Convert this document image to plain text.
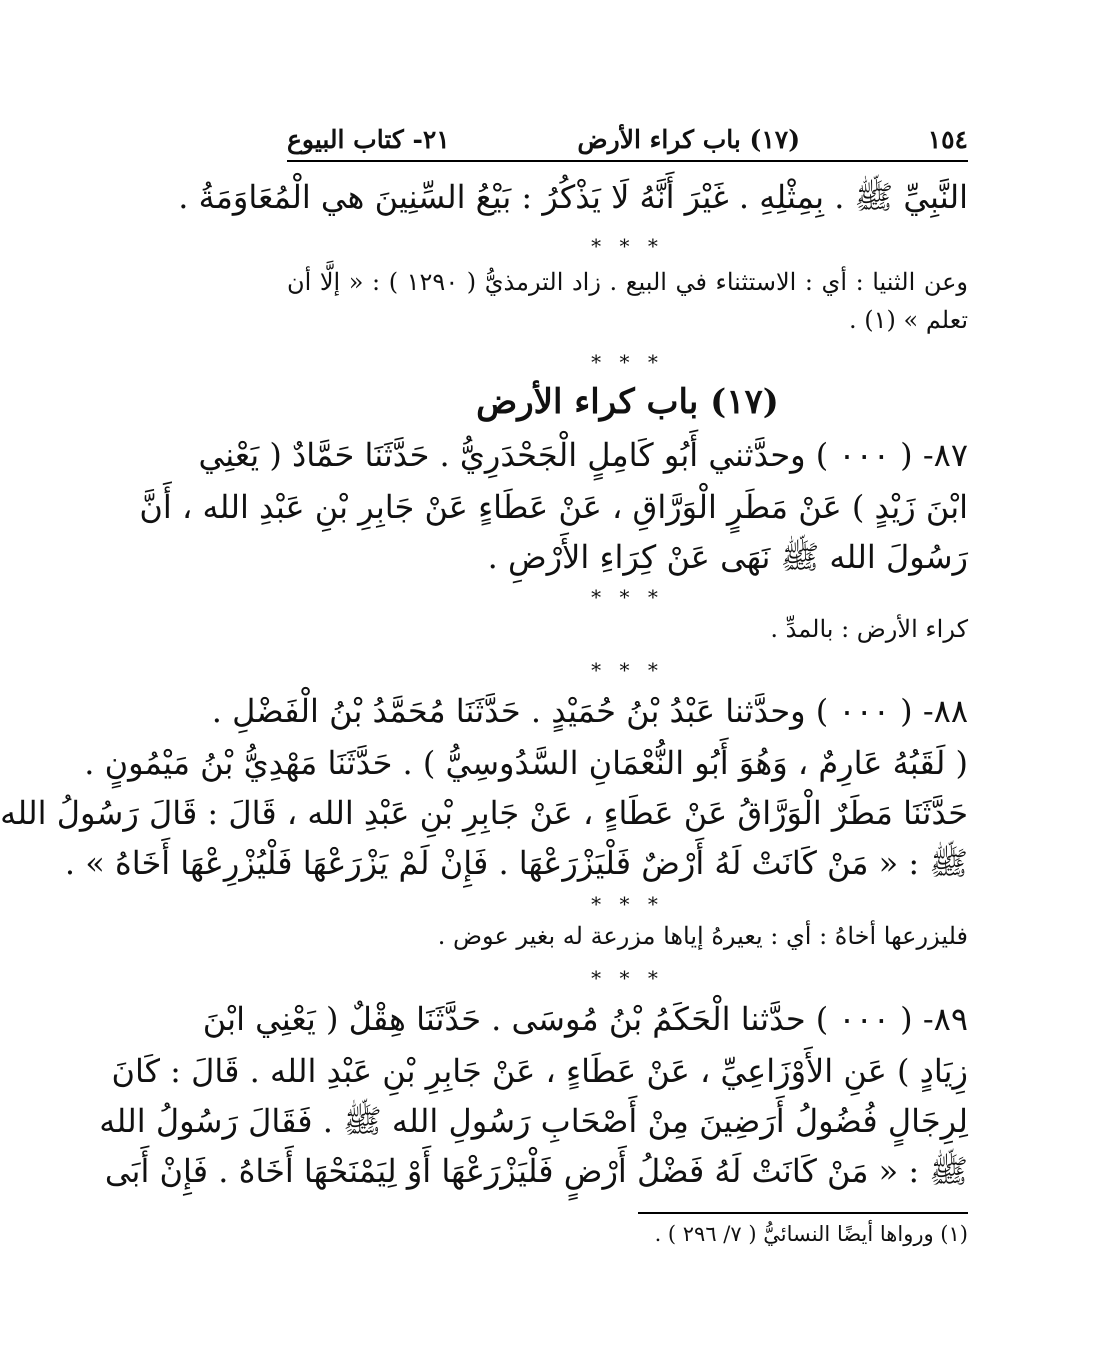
١٥٤
(١٧) باب كراء الأرض
٢١- كتاب البيوع
النَّبِيِّ ﷺ . بِمِثْلِهِ . غَيْرَ أَنَّهُ لَا يَذْكُرُ : بَيْعُ السِّنِينَ هي الْمُعَاوَمَةُ .
* * *
وعن الثنيا : أي : الاستثناء في البيع . زاد الترمذيُّ ( ١٢٩٠ ) : « إلَّا أن
تعلم » (١) .
* * *
(١٧) باب كراء الأرض
٨٧- ( ٠٠٠ ) وحدَّثني أَبُو كَامِلٍ الْجَحْدَرِيُّ . حَدَّثَنَا حَمَّادٌ ( يَعْنِي
ابْنَ زَيْدٍ ) عَنْ مَطَرٍ الْوَرَّاقِ ، عَنْ عَطَاءٍ عَنْ جَابِرِ بْنِ عَبْدِ الله ، أَنَّ
رَسُولَ الله ﷺ نَهَى عَنْ كِرَاءِ الأَرْضِ .
* * *
كراء الأرض : بالمدِّ .
* * *
٨٨- ( ٠٠٠ ) وحدَّثنا عَبْدُ بْنُ حُمَيْدٍ . حَدَّثَنَا مُحَمَّدُ بْنُ الْفَضْلِ .
( لَقَبُهُ عَارِمٌ ، وَهُوَ أَبُو النُّعْمَانِ السَّدُوسِيُّ ) . حَدَّثَنَا مَهْدِيُّ بْنُ مَيْمُونٍ .
حَدَّثَنَا مَطَرٌ الْوَرَّاقُ عَنْ عَطَاءٍ ، عَنْ جَابِرِ بْنِ عَبْدِ الله ، قَالَ : قَالَ رَسُولُ الله
ﷺ : « مَنْ كَانَتْ لَهُ أَرْضٌ فَلْيَزْرَعْهَا . فَإِنْ لَمْ يَزْرَعْهَا فَلْيُزْرِعْهَا أَخَاهُ » .
* * *
فليزرعها أخاهُ : أي : يعيرهُ إياها مزرعة له بغير عوض .
* * *
٨٩- ( ٠٠٠ ) حدَّثنا الْحَكَمُ بْنُ مُوسَى . حَدَّثَنَا هِقْلٌ ( يَعْنِي ابْنَ
زِيَادٍ ) عَنِ الأَوْزَاعِيِّ ، عَنْ عَطَاءٍ ، عَنْ جَابِرِ بْنِ عَبْدِ الله . قَالَ : كَانَ
لِرِجَالٍ فُضُولُ أَرَضِينَ مِنْ أَصْحَابِ رَسُولِ الله ﷺ . فَقَالَ رَسُولُ الله
ﷺ : « مَنْ كَانَتْ لَهُ فَضْلُ أَرْضٍ فَلْيَزْرَعْهَا أَوْ لِيَمْنَحْهَا أَخَاهُ . فَإِنْ أَبَى
(١) ورواها أيضًا النسائيُّ ( ٧/ ٢٩٦ ) .
